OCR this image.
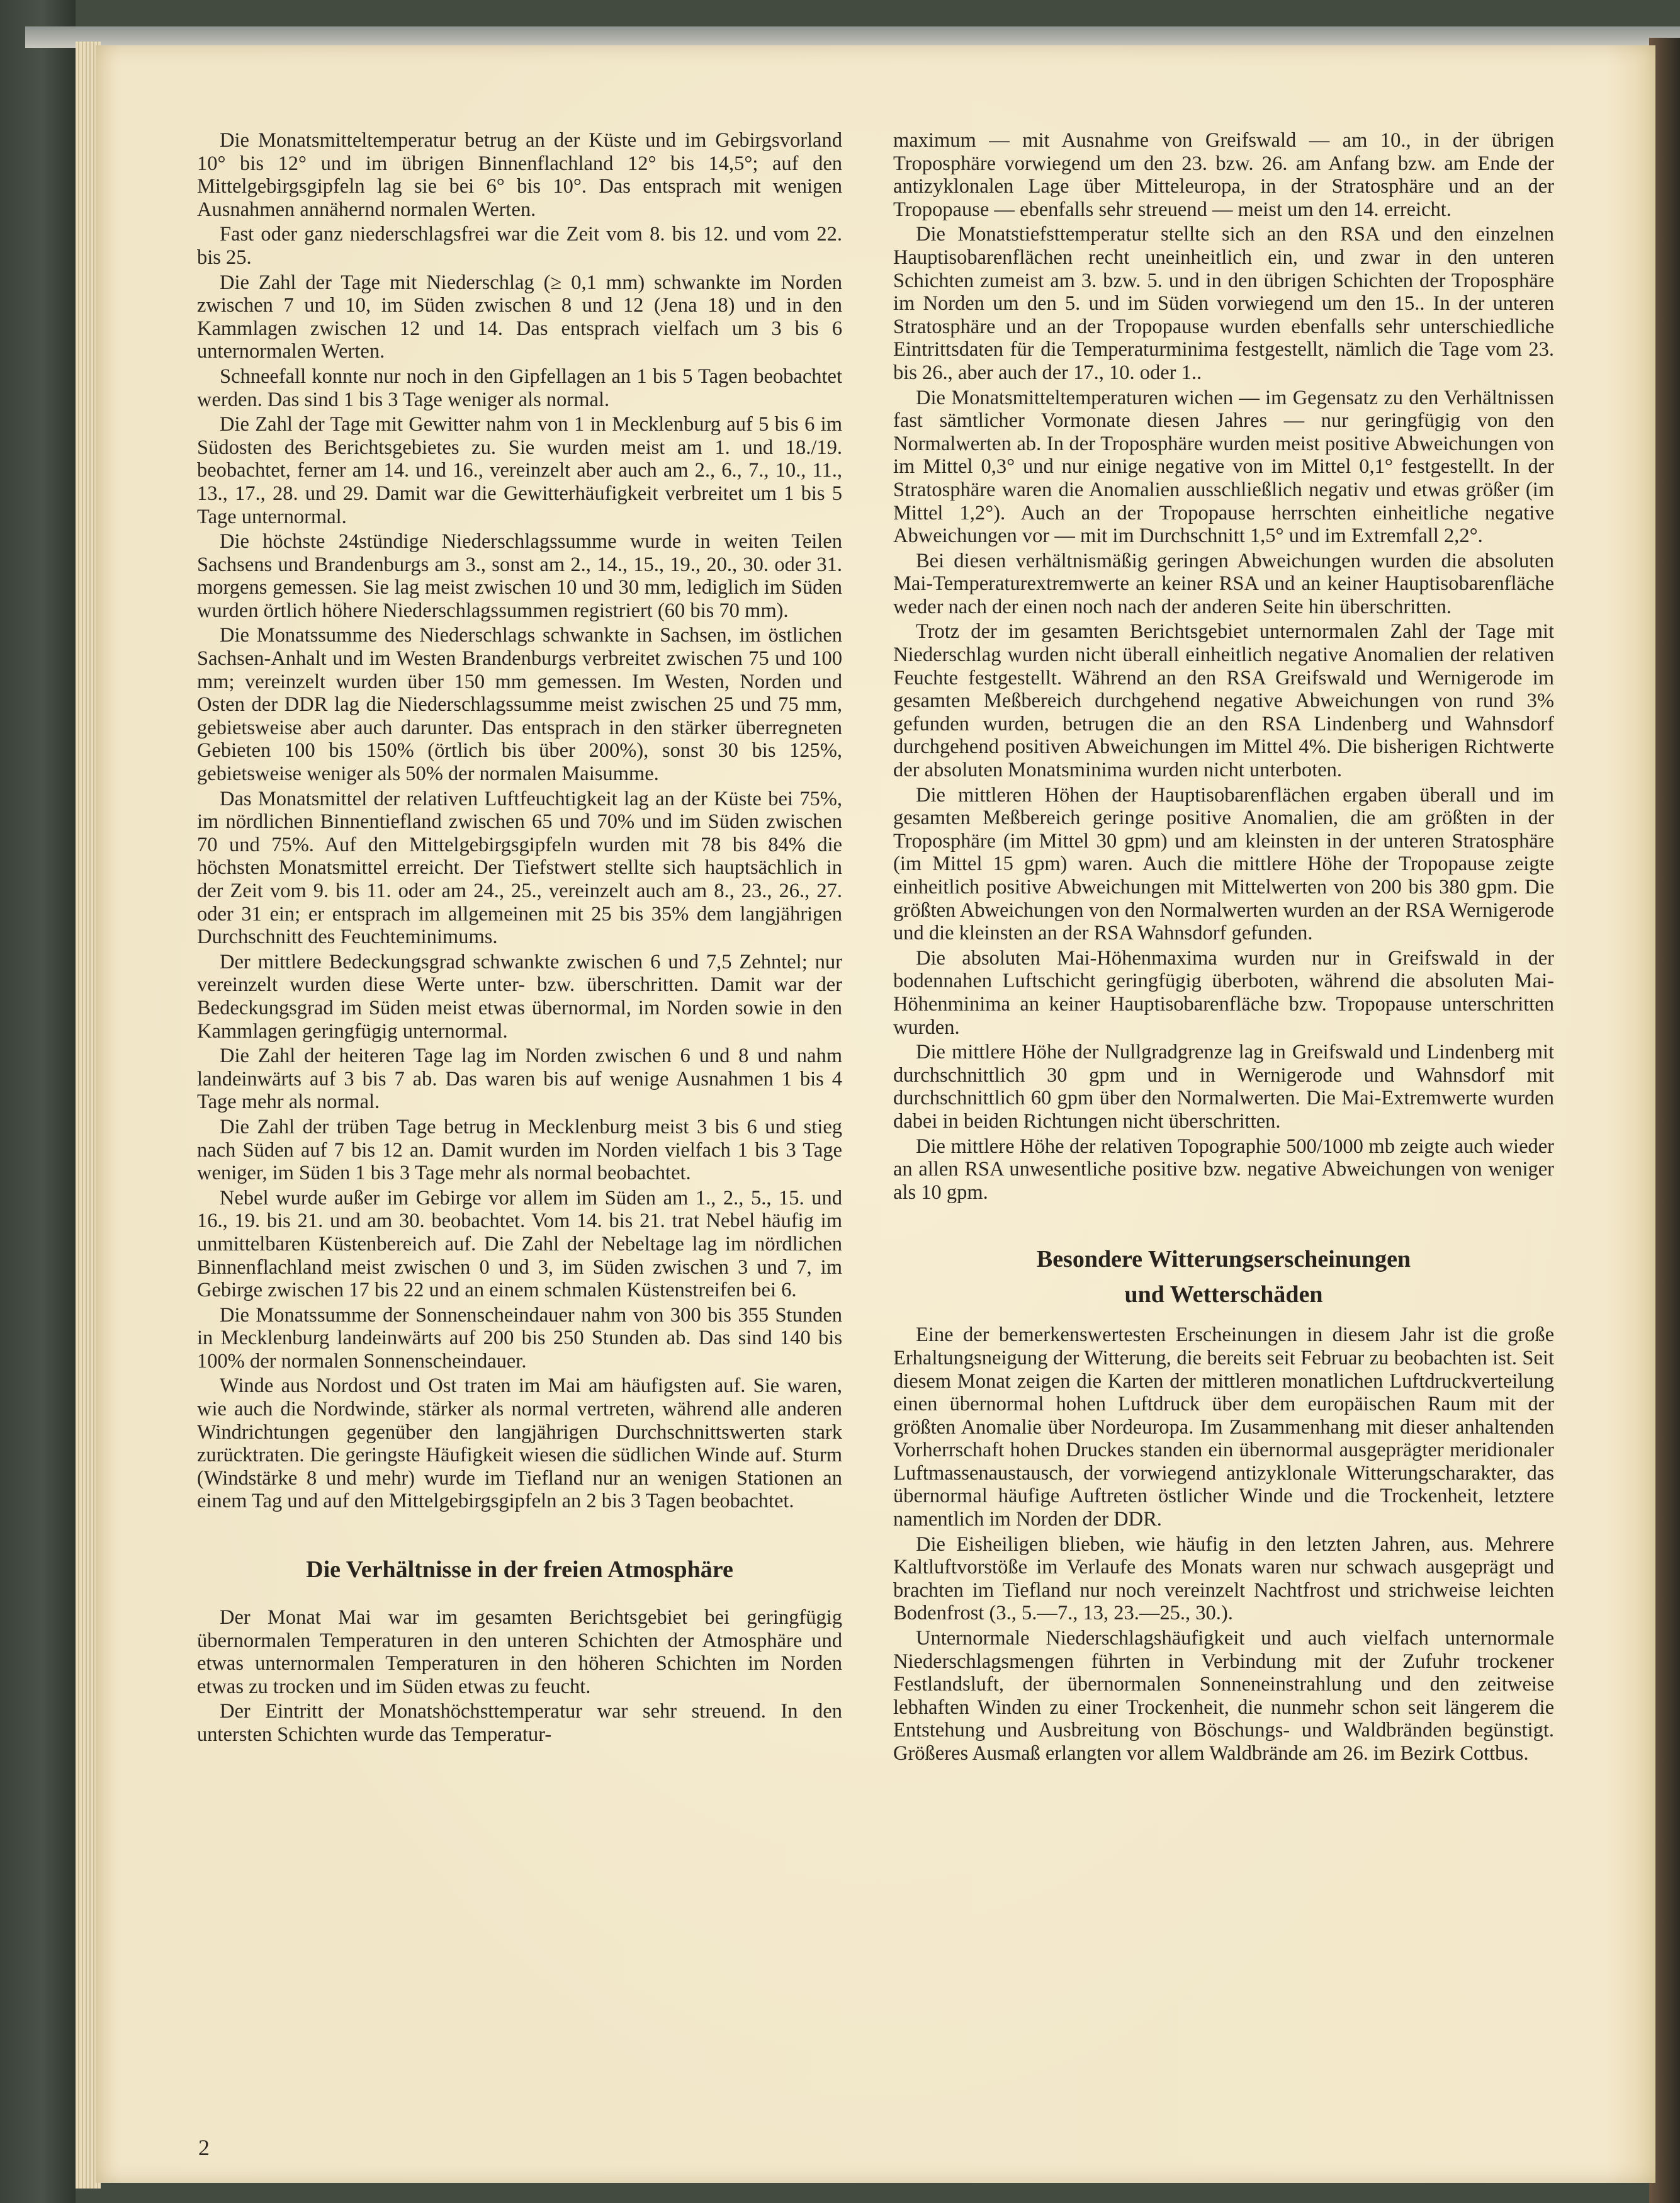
Die Monatsmitteltemperatur betrug an der Küste und im Gebirgsvorland 10° bis 12° und im übrigen Binnenflachland 12° bis 14,5°; auf den Mittelgebirgsgipfeln lag sie bei 6° bis 10°. Das entsprach mit wenigen Ausnahmen annähernd normalen Werten.

Fast oder ganz niederschlagsfrei war die Zeit vom 8. bis 12. und vom 22. bis 25.

Die Zahl der Tage mit Niederschlag (≥ 0,1 mm) schwankte im Norden zwischen 7 und 10, im Süden zwischen 8 und 12 (Jena 18) und in den Kammlagen zwischen 12 und 14. Das entsprach vielfach um 3 bis 6 unternormalen Werten.

Schneefall konnte nur noch in den Gipfellagen an 1 bis 5 Tagen beobachtet werden. Das sind 1 bis 3 Tage weniger als normal.

Die Zahl der Tage mit Gewitter nahm von 1 in Mecklenburg auf 5 bis 6 im Südosten des Berichtsgebietes zu. Sie wurden meist am 1. und 18./19. beobachtet, ferner am 14. und 16., vereinzelt aber auch am 2., 6., 7., 10., 11., 13., 17., 28. und 29. Damit war die Gewitterhäufigkeit verbreitet um 1 bis 5 Tage unternormal.

Die höchste 24stündige Niederschlagssumme wurde in weiten Teilen Sachsens und Brandenburgs am 3., sonst am 2., 14., 15., 19., 20., 30. oder 31. morgens gemessen. Sie lag meist zwischen 10 und 30 mm, lediglich im Süden wurden örtlich höhere Niederschlagssummen registriert (60 bis 70 mm).

Die Monatssumme des Niederschlags schwankte in Sachsen, im östlichen Sachsen-Anhalt und im Westen Brandenburgs verbreitet zwischen 75 und 100 mm; vereinzelt wurden über 150 mm gemessen. Im Westen, Norden und Osten der DDR lag die Niederschlagssumme meist zwischen 25 und 75 mm, gebietsweise aber auch darunter. Das entsprach in den stärker überregneten Gebieten 100 bis 150% (örtlich bis über 200%), sonst 30 bis 125%, gebietsweise weniger als 50% der normalen Maisumme.

Das Monatsmittel der relativen Luftfeuchtigkeit lag an der Küste bei 75%, im nördlichen Binnentiefland zwischen 65 und 70% und im Süden zwischen 70 und 75%. Auf den Mittelgebirgsgipfeln wurden mit 78 bis 84% die höchsten Monatsmittel erreicht. Der Tiefstwert stellte sich hauptsächlich in der Zeit vom 9. bis 11. oder am 24., 25., vereinzelt auch am 8., 23., 26., 27. oder 31 ein; er entsprach im allgemeinen mit 25 bis 35% dem langjährigen Durchschnitt des Feuchteminimums.

Der mittlere Bedeckungsgrad schwankte zwischen 6 und 7,5 Zehntel; nur vereinzelt wurden diese Werte unter- bzw. überschritten. Damit war der Bedeckungsgrad im Süden meist etwas übernormal, im Norden sowie in den Kammlagen geringfügig unternormal.

Die Zahl der heiteren Tage lag im Norden zwischen 6 und 8 und nahm landeinwärts auf 3 bis 7 ab. Das waren bis auf wenige Ausnahmen 1 bis 4 Tage mehr als normal.

Die Zahl der trüben Tage betrug in Mecklenburg meist 3 bis 6 und stieg nach Süden auf 7 bis 12 an. Damit wurden im Norden vielfach 1 bis 3 Tage weniger, im Süden 1 bis 3 Tage mehr als normal beobachtet.

Nebel wurde außer im Gebirge vor allem im Süden am 1., 2., 5., 15. und 16., 19. bis 21. und am 30. beobachtet. Vom 14. bis 21. trat Nebel häufig im unmittelbaren Küstenbereich auf. Die Zahl der Nebeltage lag im nördlichen Binnenflachland meist zwischen 0 und 3, im Süden zwischen 3 und 7, im Gebirge zwischen 17 bis 22 und an einem schmalen Küstenstreifen bei 6.

Die Monatssumme der Sonnenscheindauer nahm von 300 bis 355 Stunden in Mecklenburg landeinwärts auf 200 bis 250 Stunden ab. Das sind 140 bis 100% der normalen Sonnenscheindauer.

Winde aus Nordost und Ost traten im Mai am häufigsten auf. Sie waren, wie auch die Nordwinde, stärker als normal vertreten, während alle anderen Windrichtungen gegenüber den langjährigen Durchschnittswerten stark zurücktraten. Die geringste Häufigkeit wiesen die südlichen Winde auf. Sturm (Windstärke 8 und mehr) wurde im Tiefland nur an wenigen Stationen an einem Tag und auf den Mittelgebirgsgipfeln an 2 bis 3 Tagen beobachtet.

Die Verhältnisse in der freien Atmosphäre

Der Monat Mai war im gesamten Berichtsgebiet bei geringfügig übernormalen Temperaturen in den unteren Schichten der Atmosphäre und etwas unternormalen Temperaturen in den höheren Schichten im Norden etwas zu trocken und im Süden etwas zu feucht.

Der Eintritt der Monatshöchsttemperatur war sehr streuend. In den untersten Schichten wurde das Temperatur-

maximum — mit Ausnahme von Greifswald — am 10., in der übrigen Troposphäre vorwiegend um den 23. bzw. 26. am Anfang bzw. am Ende der antizyklonalen Lage über Mitteleuropa, in der Stratosphäre und an der Tropopause — ebenfalls sehr streuend — meist um den 14. erreicht.

Die Monatstiefsttemperatur stellte sich an den RSA und den einzelnen Hauptisobarenflächen recht uneinheitlich ein, und zwar in den unteren Schichten zumeist am 3. bzw. 5. und in den übrigen Schichten der Troposphäre im Norden um den 5. und im Süden vorwiegend um den 15.. In der unteren Stratosphäre und an der Tropopause wurden ebenfalls sehr unterschiedliche Eintrittsdaten für die Temperaturminima festgestellt, nämlich die Tage vom 23. bis 26., aber auch der 17., 10. oder 1..

Die Monatsmitteltemperaturen wichen — im Gegensatz zu den Verhältnissen fast sämtlicher Vormonate diesen Jahres — nur geringfügig von den Normalwerten ab. In der Troposphäre wurden meist positive Abweichungen von im Mittel 0,3° und nur einige negative von im Mittel 0,1° festgestellt. In der Stratosphäre waren die Anomalien ausschließlich negativ und etwas größer (im Mittel 1,2°). Auch an der Tropopause herrschten einheitliche negative Abweichungen vor — mit im Durchschnitt 1,5° und im Extremfall 2,2°.

Bei diesen verhältnismäßig geringen Abweichungen wurden die absoluten Mai-Temperaturextremwerte an keiner RSA und an keiner Hauptisobarenfläche weder nach der einen noch nach der anderen Seite hin überschritten.

Trotz der im gesamten Berichtsgebiet unternormalen Zahl der Tage mit Niederschlag wurden nicht überall einheitlich negative Anomalien der relativen Feuchte festgestellt. Während an den RSA Greifswald und Wernigerode im gesamten Meßbereich durchgehend negative Abweichungen von rund 3% gefunden wurden, betrugen die an den RSA Lindenberg und Wahnsdorf durchgehend positiven Abweichungen im Mittel 4%. Die bisherigen Richtwerte der absoluten Monatsminima wurden nicht unterboten.

Die mittleren Höhen der Hauptisobarenflächen ergaben überall und im gesamten Meßbereich geringe positive Anomalien, die am größten in der Troposphäre (im Mittel 30 gpm) und am kleinsten in der unteren Stratosphäre (im Mittel 15 gpm) waren. Auch die mittlere Höhe der Tropopause zeigte einheitlich positive Abweichungen mit Mittelwerten von 200 bis 380 gpm. Die größten Abweichungen von den Normalwerten wurden an der RSA Wernigerode und die kleinsten an der RSA Wahnsdorf gefunden.

Die absoluten Mai-Höhenmaxima wurden nur in Greifswald in der bodennahen Luftschicht geringfügig überboten, während die absoluten Mai-Höhenminima an keiner Hauptisobarenfläche bzw. Tropopause unterschritten wurden.

Die mittlere Höhe der Nullgradgrenze lag in Greifswald und Lindenberg mit durchschnittlich 30 gpm und in Wernigerode und Wahnsdorf mit durchschnittlich 60 gpm über den Normalwerten. Die Mai-Extremwerte wurden dabei in beiden Richtungen nicht überschritten.

Die mittlere Höhe der relativen Topographie 500/1000 mb zeigte auch wieder an allen RSA unwesentliche positive bzw. negative Abweichungen von weniger als 10 gpm.

Besondere Witterungserscheinungen
und Wetterschäden

Eine der bemerkenswertesten Erscheinungen in diesem Jahr ist die große Erhaltungsneigung der Witterung, die bereits seit Februar zu beobachten ist. Seit diesem Monat zeigen die Karten der mittleren monatlichen Luftdruckverteilung einen übernormal hohen Luftdruck über dem europäischen Raum mit der größten Anomalie über Nordeuropa. Im Zusammenhang mit dieser anhaltenden Vorherrschaft hohen Druckes standen ein übernormal ausgeprägter meridionaler Luftmassenaustausch, der vorwiegend antizyklonale Witterungscharakter, das übernormal häufige Auftreten östlicher Winde und die Trockenheit, letztere namentlich im Norden der DDR.

Die Eisheiligen blieben, wie häufig in den letzten Jahren, aus. Mehrere Kaltluftvorstöße im Verlaufe des Monats waren nur schwach ausgeprägt und brachten im Tiefland nur noch vereinzelt Nachtfrost und strichweise leichten Bodenfrost (3., 5.—7., 13, 23.—25., 30.).

Unternormale Niederschlagshäufigkeit und auch vielfach unternormale Niederschlagsmengen führten in Verbindung mit der Zufuhr trockener Festlandsluft, der übernormalen Sonneneinstrahlung und den zeitweise lebhaften Winden zu einer Trockenheit, die nunmehr schon seit längerem die Entstehung und Ausbreitung von Böschungs- und Waldbränden begünstigt. Größeres Ausmaß erlangten vor allem Waldbrände am 26. im Bezirk Cottbus.

2
